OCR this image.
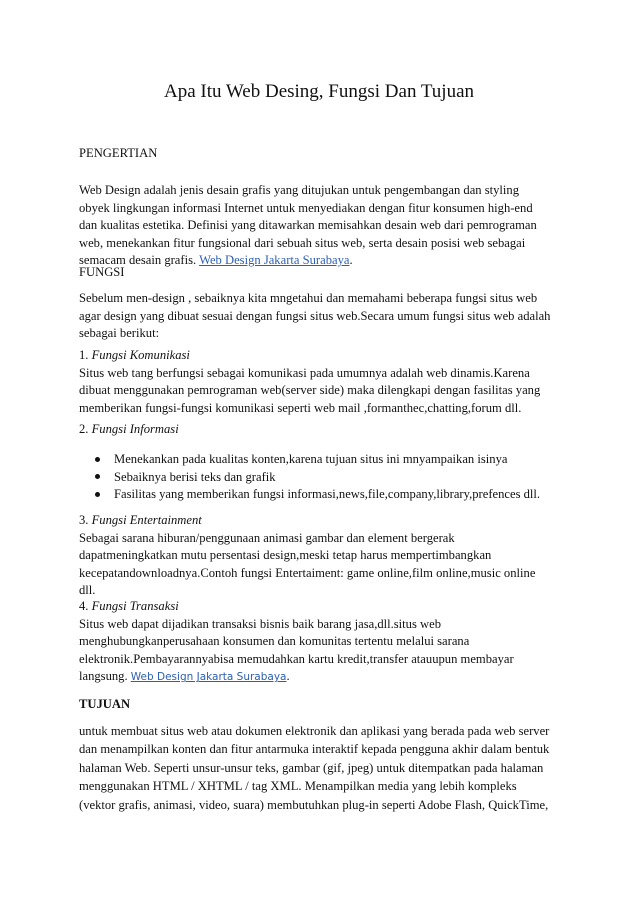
Apa Itu Web Desing, Fungsi Dan Tujuan
PENGERTIAN
Web Design adalah jenis desain grafis yang ditujukan untuk pengembangan dan styling
obyek lingkungan informasi Internet untuk menyediakan dengan fitur konsumen high-end
dan kualitas estetika. Definisi yang ditawarkan memisahkan desain web dari pemrograman
web, menekankan fitur fungsional dari sebuah situs web, serta desain posisi web sebagai
semacam desain grafis. Web Design Jakarta Surabaya.
FUNGSI
Sebelum men-design , sebaiknya kita mngetahui dan memahami beberapa fungsi situs web
agar design yang dibuat sesuai dengan fungsi situs web.Secara umum fungsi situs web adalah
sebagai berikut:
1. Fungsi Komunikasi
Situs web tang berfungsi sebagai komunikasi pada umumnya adalah web dinamis.Karena
dibuat menggunakan pemrograman web(server side) maka dilengkapi dengan fasilitas yang
memberikan fungsi-fungsi komunikasi seperti web mail ,formanthec,chatting,forum dll.
2. Fungsi Informasi
Menekankan pada kualitas konten,karena tujuan situs ini mnyampaikan isinya
Sebaiknya berisi teks dan grafik
Fasilitas yang memberikan fungsi informasi,news,file,company,library,prefences dll.
3. Fungsi Entertainment
Sebagai sarana hiburan/penggunaan animasi gambar dan element bergerak
dapatmeningkatkan mutu persentasi design,meski tetap harus mempertimbangkan
kecepatandownloadnya.Contoh fungsi Entertaiment: game online,film online,music online
dll.
4. Fungsi Transaksi
Situs web dapat dijadikan transaksi bisnis baik barang jasa,dll.situs web
menghubungkanperusahaan konsumen dan komunitas tertentu melalui sarana
elektronik.Pembayarannyabisa memudahkan kartu kredit,transfer atauupun membayar
langsung. Web Design Jakarta Surabaya.
TUJUAN
untuk membuat situs web atau dokumen elektronik dan aplikasi yang berada pada web server
dan menampilkan konten dan fitur antarmuka interaktif kepada pengguna akhir dalam bentuk
halaman Web. Seperti unsur-unsur teks, gambar (gif, jpeg) untuk ditempatkan pada halaman
menggunakan HTML / XHTML / tag XML. Menampilkan media yang lebih kompleks
(vektor grafis, animasi, video, suara) membutuhkan plug-in seperti Adobe Flash, QuickTime,
